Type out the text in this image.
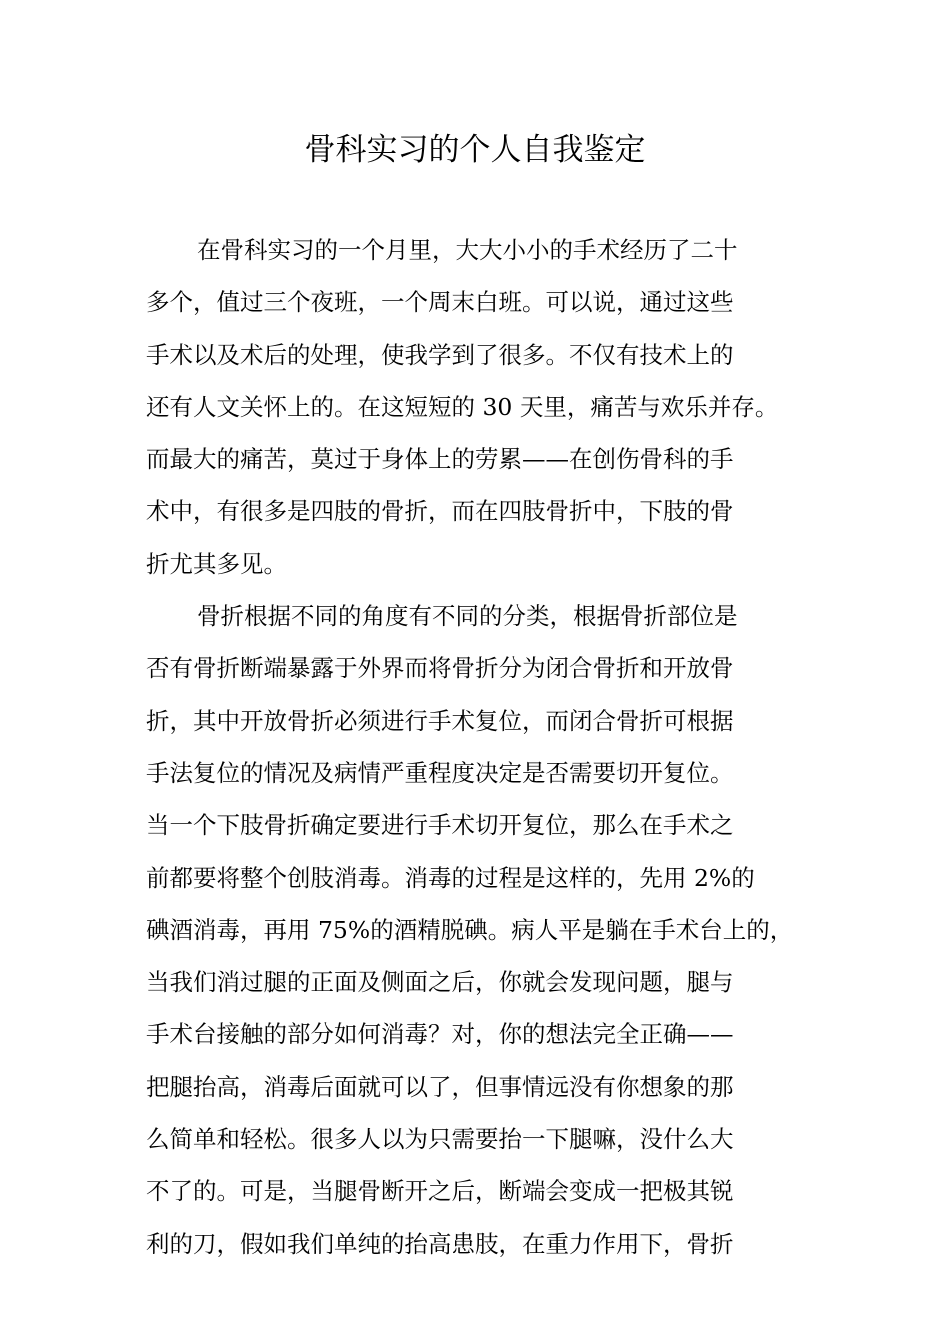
骨科实习的个人自我鉴定
在骨科实习的一个月里，大大小小的手术经历了二十
多个，值过三个夜班，一个周末白班。可以说，通过这些
手术以及术后的处理，使我学到了很多。不仅有技术上的
还有人文关怀上的。在这短短的 30 天里，痛苦与欢乐并存。
而最大的痛苦，莫过于身体上的劳累——在创伤骨科的手
术中，有很多是四肢的骨折，而在四肢骨折中，下肢的骨
折尤其多见。
骨折根据不同的角度有不同的分类，根据骨折部位是
否有骨折断端暴露于外界而将骨折分为闭合骨折和开放骨
折，其中开放骨折必须进行手术复位，而闭合骨折可根据
手法复位的情况及病情严重程度决定是否需要切开复位。
当一个下肢骨折确定要进行手术切开复位，那么在手术之
前都要将整个创肢消毒。消毒的过程是这样的，先用 2%的
碘酒消毒，再用 75%的酒精脱碘。病人平是躺在手术台上的，
当我们消过腿的正面及侧面之后，你就会发现问题，腿与
手术台接触的部分如何消毒？对，你的想法完全正确——
把腿抬高，消毒后面就可以了，但事情远没有你想象的那
么简单和轻松。很多人以为只需要抬一下腿嘛，没什么大
不了的。可是，当腿骨断开之后，断端会变成一把极其锐
利的刀，假如我们单纯的抬高患肢，在重力作用下，骨折
